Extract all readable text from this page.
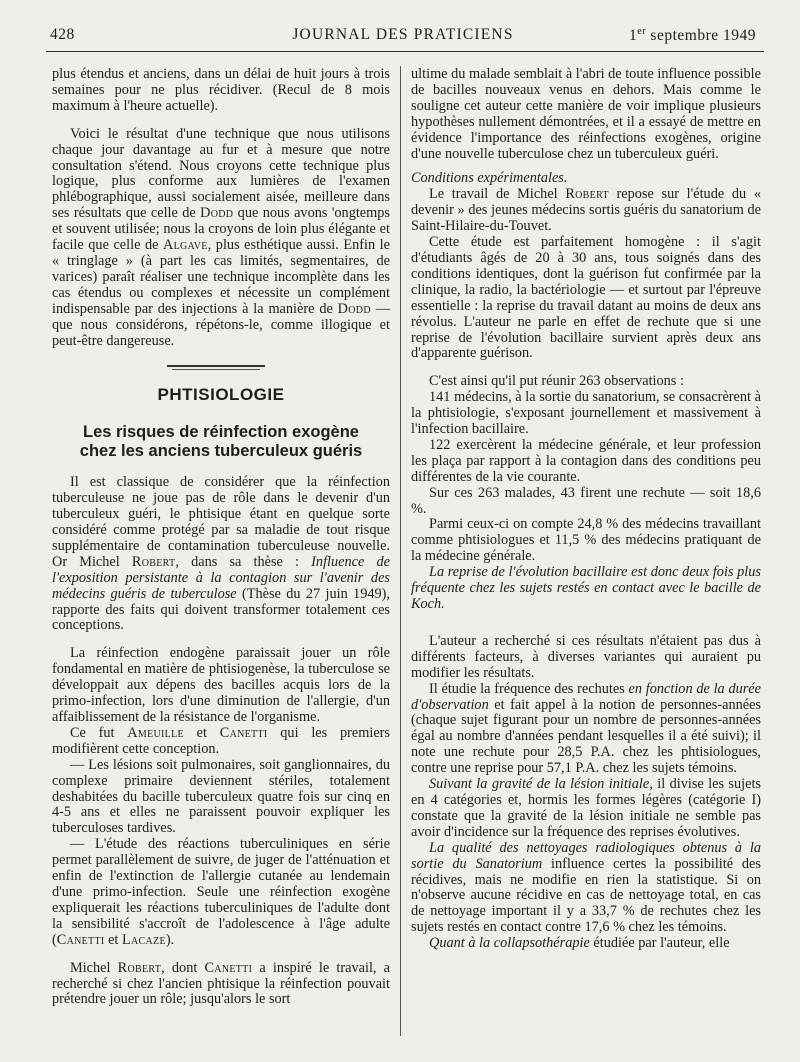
428	JOURNAL DES PRATICIENS	1er septembre 1949

plus étendus et anciens, dans un délai de huit jours à trois semaines pour ne plus récidiver. (Recul de 8 mois maximum à l'heure actuelle).

Voici le résultat d'une technique que nous utilisons chaque jour davantage au fur et à mesure que notre consultation s'étend. Nous croyons cette technique plus logique, plus conforme aux lumières de l'examen phlébographique, aussi socialement aisée, meilleure dans ses résultats que celle de Dodd que nous avons 'ongtemps et souvent utilisée; nous la croyons de loin plus élégante et facile que celle de Algave, plus esthétique aussi. Enfin le « tringlage » (à part les cas limités, segmentaires, de varices) paraît réaliser une technique incomplète dans les cas étendus ou complexes et nécessite un complément indispensable par des injections à la manière de Dodd — que nous considérons, répétons-le, comme illogique et peut-être dangereuse.

PHTISIOLOGIE
Les risques de réinfection exogène
chez les anciens tuberculeux guéris

Il est classique de considérer que la réinfection tuberculeuse ne joue pas de rôle dans le devenir d'un tuberculeux guéri, le phtisique étant en quelque sorte considéré comme protégé par sa maladie de tout risque supplémentaire de contamination tuberculeuse nouvelle. Or Michel Robert, dans sa thèse : Influence de l'exposition persistante à la contagion sur l'avenir des médecins guéris de tuberculose (Thèse du 27 juin 1949), rapporte des faits qui doivent transformer totalement ces conceptions.

La réinfection endogène paraissait jouer un rôle fondamental en matière de phtisiogenèse, la tuberculose se développait aux dépens des bacilles acquis lors de la primo-infection, lors d'une diminution de l'allergie, d'un affaiblissement de la résistance de l'organisme.

Ce fut Ameuille et Canetti qui les premiers modifièrent cette conception.

— Les lésions soit pulmonaires, soit ganglionnaires, du complexe primaire deviennent stériles, totalement deshabitées du bacille tuberculeux quatre fois sur cinq en 4-5 ans et elles ne paraissent pouvoir expliquer les tuberculoses tardives.

— L'étude des réactions tuberculiniques en série permet parallèlement de suivre, de juger de l'atténuation et enfin de l'extinction de l'allergie cutanée au lendemain d'une primo-infection. Seule une réinfection exogène expliquerait les réactions tuberculiniques de l'adulte dont la sensibilité s'accroît de l'adolescence à l'âge adulte (Canetti et Lacaze).

Michel Robert, dont Canetti a inspiré le travail, a recherché si chez l'ancien phtisique la réinfection pouvait prétendre jouer un rôle; jusqu'alors le sort

ultime du malade semblait à l'abri de toute influence possible de bacilles nouveaux venus en dehors. Mais comme le souligne cet auteur cette manière de voir implique plusieurs hypothèses nullement démontrées, et il a essayé de mettre en évidence l'importance des réinfections exogènes, origine d'une nouvelle tuberculose chez un tuberculeux guéri.

Conditions expérimentales.

Le travail de Michel Robert repose sur l'étude du « devenir » des jeunes médecins sortis guéris du sanatorium de Saint-Hilaire-du-Touvet.

Cette étude est parfaitement homogène : il s'agit d'étudiants âgés de 20 à 30 ans, tous soignés dans des conditions identiques, dont la guérison fut confirmée par la clinique, la radio, la bactériologie — et surtout par l'épreuve essentielle : la reprise du travail datant au moins de deux ans révolus. L'auteur ne parle en effet de rechute que si une reprise de l'évolution bacillaire survient après deux ans d'apparente guérison.

C'est ainsi qu'il put réunir 263 observations :

141 médecins, à la sortie du sanatorium, se consacrèrent à la phtisiologie, s'exposant journellement et massivement à l'infection bacillaire.

122 exercèrent la médecine générale, et leur profession les plaça par rapport à la contagion dans des conditions peu différentes de la vie courante.

Sur ces 263 malades, 43 firent une rechute — soit 18,6 %.

Parmi ceux-ci on compte 24,8 % des médecins travaillant comme phtisiologues et 11,5 % des médecins pratiquant de la médecine générale.

La reprise de l'évolution bacillaire est donc deux fois plus fréquente chez les sujets restés en contact avec le bacille de Koch.

L'auteur a recherché si ces résultats n'étaient pas dus à différents facteurs, à diverses variantes qui auraient pu modifier les résultats.

Il étudie la fréquence des rechutes en fonction de la durée d'observation et fait appel à la notion de personnes-années (chaque sujet figurant pour un nombre de personnes-années égal au nombre d'années pendant lesquelles il a été suivi); il note une rechute pour 28,5 P.A. chez les phtisiologues, contre une reprise pour 57,1 P.A. chez les sujets témoins.

Suivant la gravité de la lésion initiale, il divise les sujets en 4 catégories et, hormis les formes légères (catégorie I) constate que la gravité de la lésion initiale ne semble pas avoir d'incidence sur la fréquence des reprises évolutives.

La qualité des nettoyages radiologiques obtenus à la sortie du Sanatorium influence certes la possibilité des récidives, mais ne modifie en rien la statistique. Si on n'observe aucune récidive en cas de nettoyage total, en cas de nettoyage important il y a 33,7 % de rechutes chez les sujets restés en contact contre 17,6 % chez les témoins.

Quant à la collapsothérapie étudiée par l'auteur, elle
